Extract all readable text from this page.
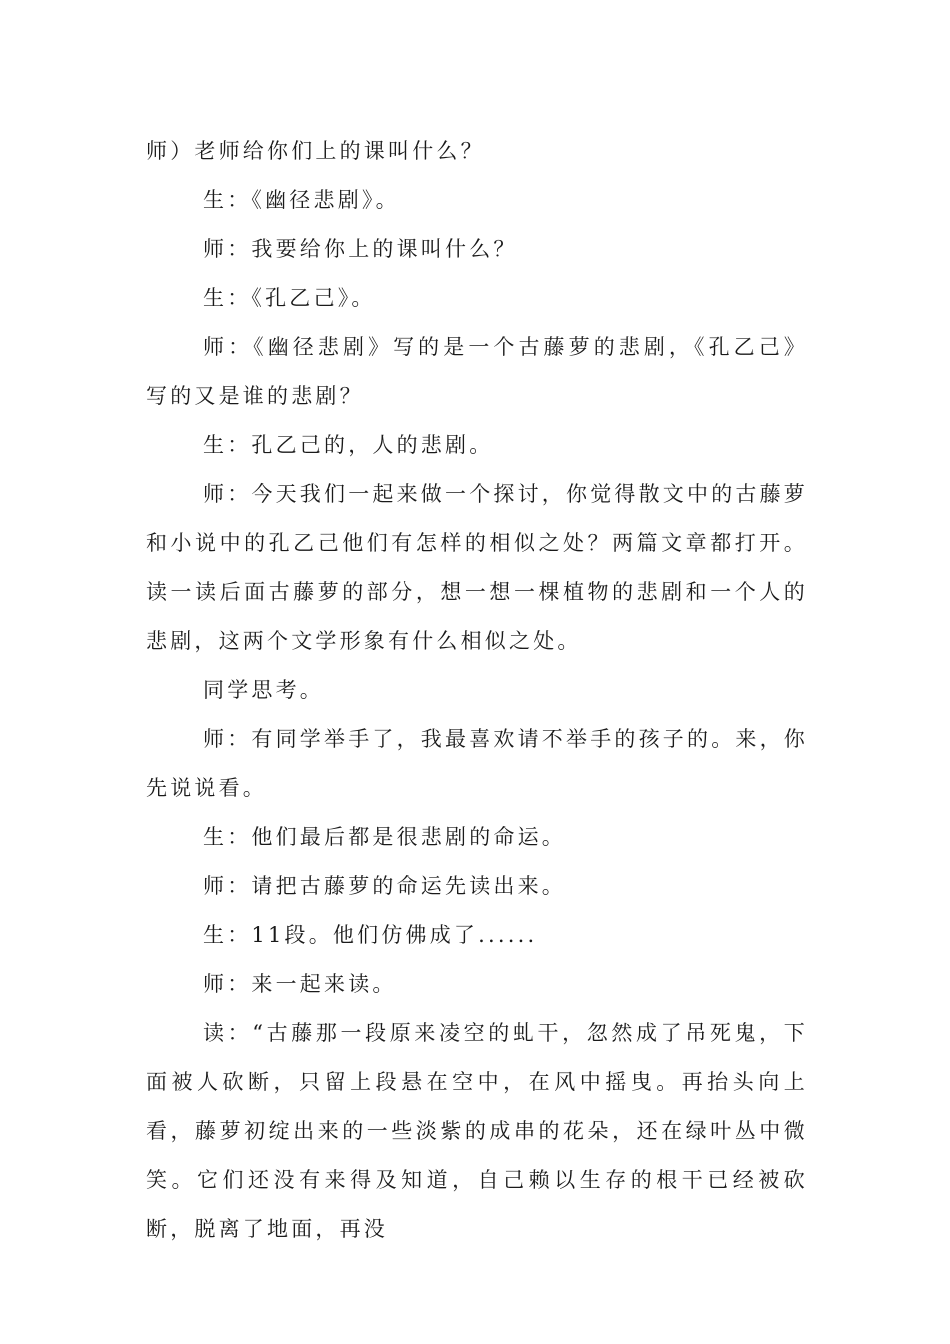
师）老师给你们上的课叫什么？

生：《幽径悲剧》。

师：我要给你上的课叫什么？

生：《孔乙己》。

师：《幽径悲剧》写的是一个古藤萝的悲剧，《孔乙己》写的又是谁的悲剧？

生：孔乙己的，人的悲剧。

师：今天我们一起来做一个探讨，你觉得散文中的古藤萝和小说中的孔乙己他们有怎样的相似之处？两篇文章都打开。读一读后面古藤萝的部分，想一想一棵植物的悲剧和一个人的悲剧，这两个文学形象有什么相似之处。

同学思考。

师：有同学举手了，我最喜欢请不举手的孩子的。来，你先说说看。

生：他们最后都是很悲剧的命运。

师：请把古藤萝的命运先读出来。

生：11段。他们仿佛成了......

师：来一起来读。

读：“古藤那一段原来凌空的虬干，忽然成了吊死鬼，下面被人砍断，只留上段悬在空中，在风中摇曳。再抬头向上看，藤萝初绽出来的一些淡紫的成串的花朵，还在绿叶丛中微笑。它们还没有来得及知道，自己赖以生存的根干已经被砍断，脱离了地面，再没
